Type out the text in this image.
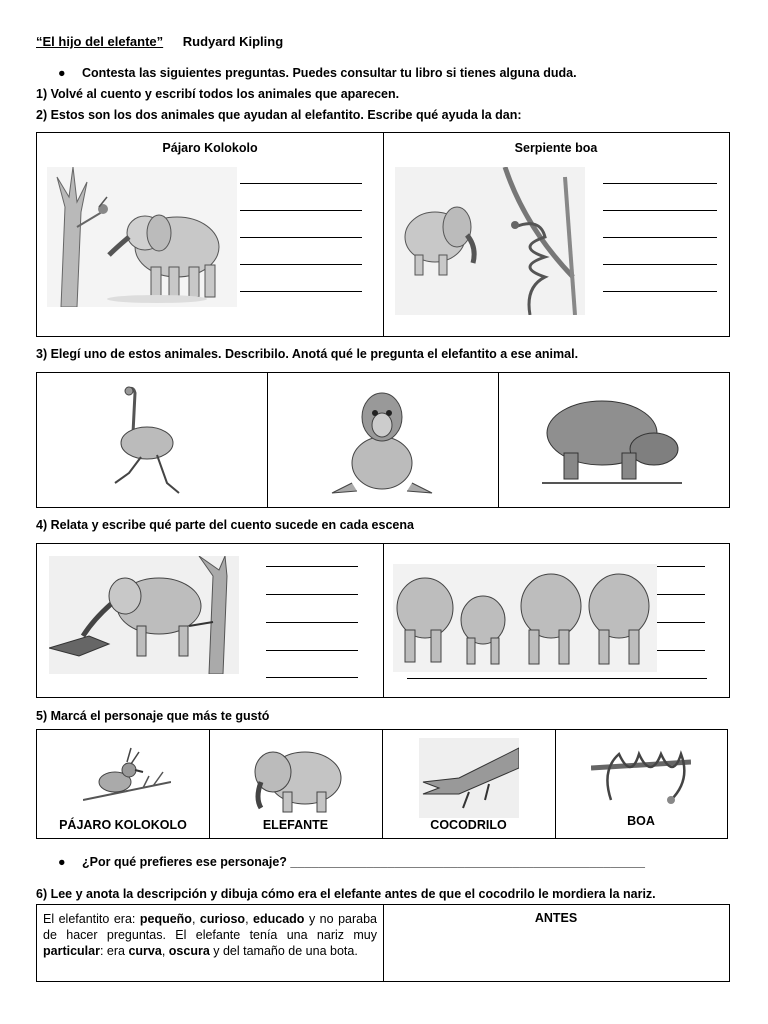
“El hijo del elefante” Rudyard Kipling
● Contesta las siguientes preguntas. Puedes consultar tu libro si tienes alguna duda.
1) Volvé al cuento y escribí todos los animales que aparecen.
2) Estos son los dos animales que ayudan al elefantito. Escribe qué ayuda la dan:
Pájaro Kolokolo	Serpiente boa
3) Elegí uno de estos animales. Describilo. Anotá qué le pregunta el elefantito a ese animal.
4) Relata y escribe qué parte del cuento sucede en cada escena
5) Marcá el personaje que más te gustó
PÁJARO KOLOKOLO	ELEFANTE	COCODRILO	BOA
● ¿Por qué prefieres ese personaje? ___________________________________________________
6) Lee y anota la descripción y dibuja cómo era el elefante antes de que el cocodrilo le mordiera la nariz.
El elefantito era: pequeño, curioso, educado y no paraba de hacer preguntas. El elefante tenía una nariz muy particular: era curva, oscura y del tamaño de una bota.
ANTES
